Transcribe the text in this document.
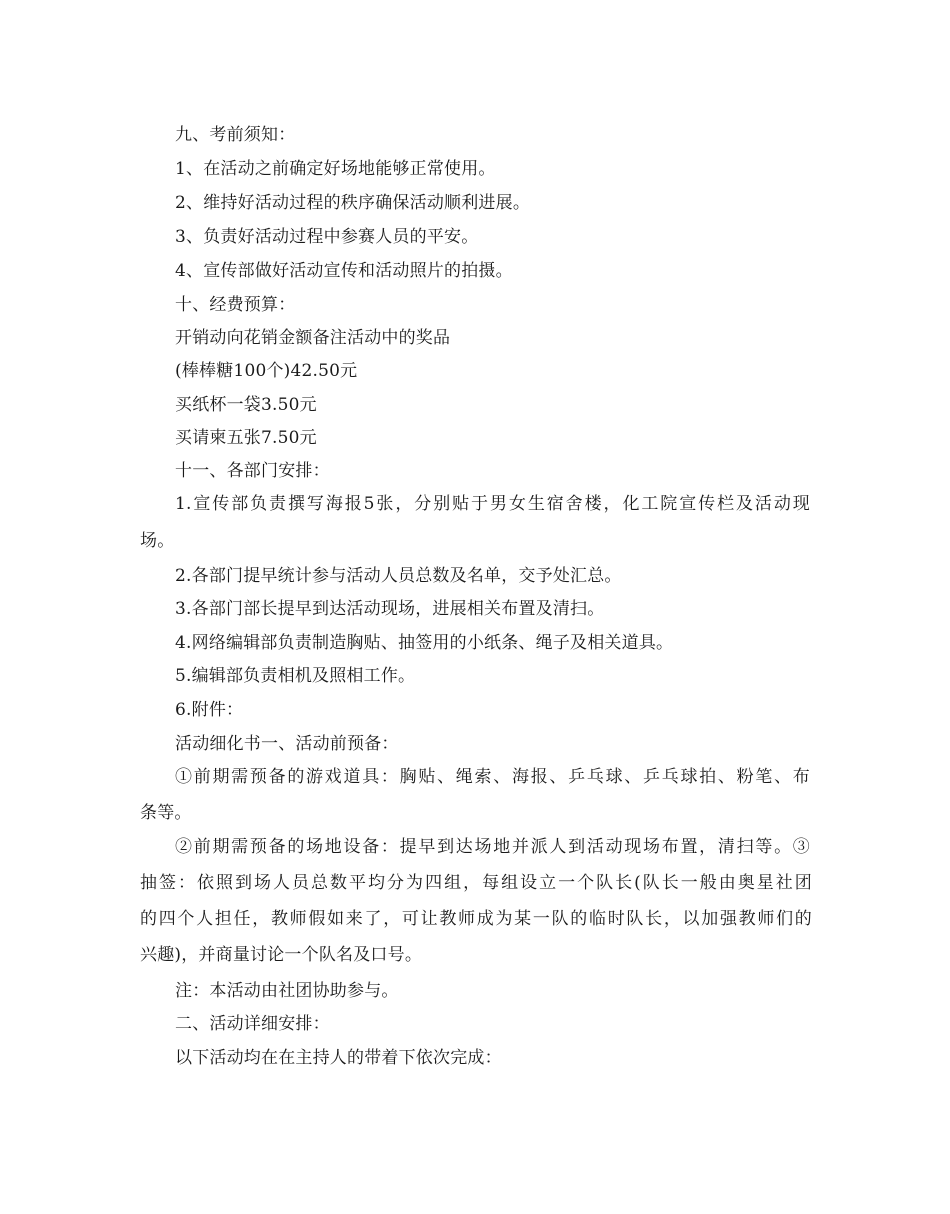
九、考前须知：
1、在活动之前确定好场地能够正常使用。
2、维持好活动过程的秩序确保活动顺利进展。
3、负责好活动过程中参赛人员的平安。
4、宣传部做好活动宣传和活动照片的拍摄。
十、经费预算：
开销动向花销金额备注活动中的奖品
(棒棒糖100个)42.50元
买纸杯一袋3.50元
买请柬五张7.50元
十一、各部门安排：
1.宣传部负责撰写海报5张，分别贴于男女生宿舍楼，化工院宣传栏及活动现
场。
2.各部门提早统计参与活动人员总数及名单，交予处汇总。
3.各部门部长提早到达活动现场，进展相关布置及清扫。
4.网络编辑部负责制造胸贴、抽签用的小纸条、绳子及相关道具。
5.编辑部负责相机及照相工作。
6.附件：
活动细化书一、活动前预备：
①前期需预备的游戏道具：胸贴、绳索、海报、乒乓球、乒乓球拍、粉笔、布
条等。
②前期需预备的场地设备：提早到达场地并派人到活动现场布置，清扫等。③
抽签：依照到场人员总数平均分为四组，每组设立一个队长(队长一般由奥星社团
的四个人担任，教师假如来了，可让教师成为某一队的临时队长，以加强教师们的
兴趣)，并商量讨论一个队名及口号。
注：本活动由社团协助参与。
二、活动详细安排：
以下活动均在在主持人的带着下依次完成：
